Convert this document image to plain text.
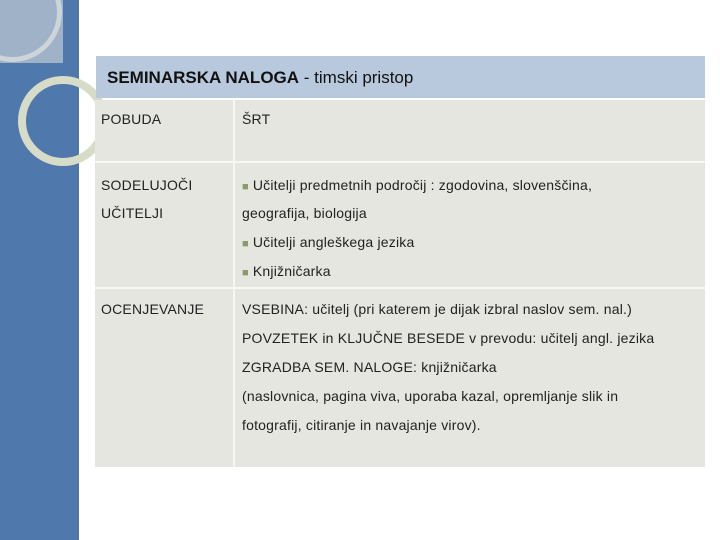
SEMINARSKA NALOGA - timski pristop
POBUDA	ŠRT
SODELUJOČI
UČITELJI
■ Učitelji predmetnih področij : zgodovina, slovenščina,
geografija, biologija
■ Učitelji angleškega jezika
■ Knjižničarka
OCENJEVANJE	VSEBINA: učitelj (pri katerem je dijak izbral naslov sem. nal.)
POVZETEK in KLJUČNE BESEDE v prevodu: učitelj angl. jezika
ZGRADBA SEM. NALOGE: knjižničarka
(naslovnica, pagina viva, uporaba kazal, opremljanje slik in
fotografij, citiranje in navajanje virov).
